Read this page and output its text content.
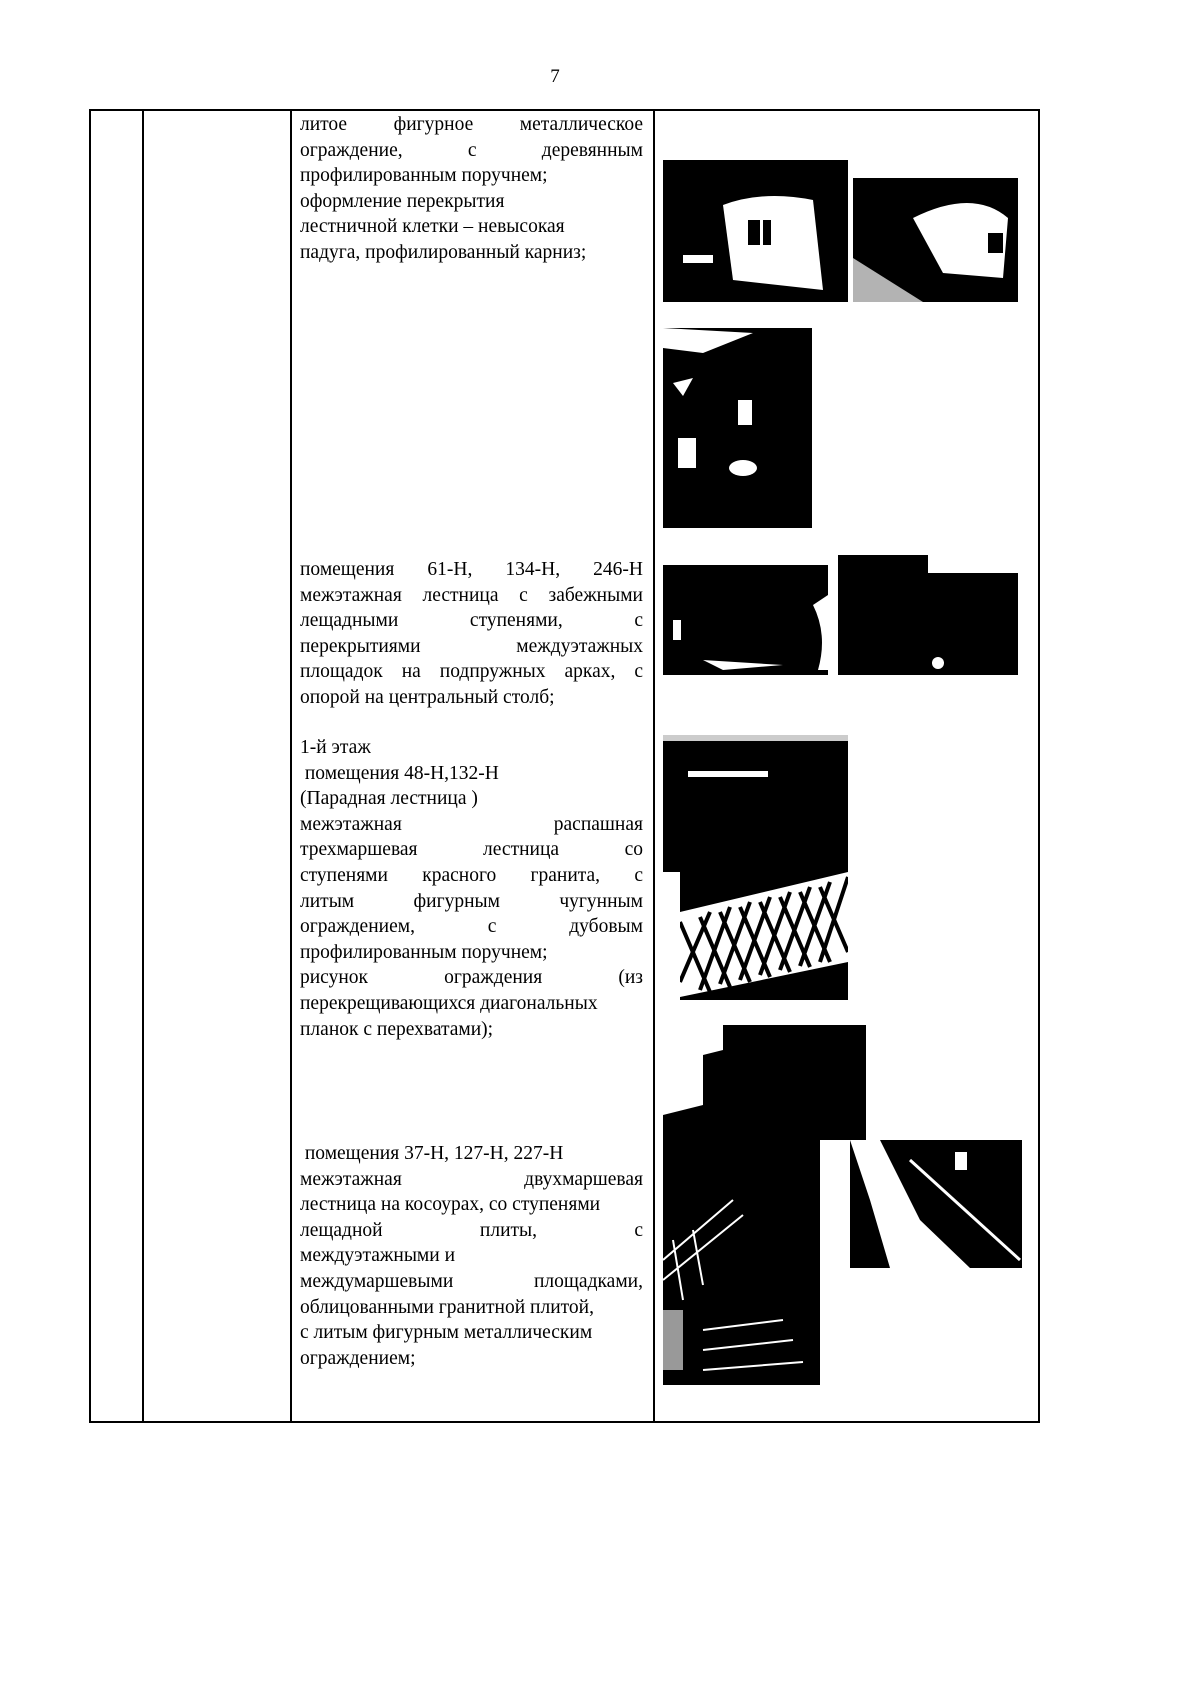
7
литое фигурное металлическое
ограждение, с деревянным
профилированным поручнем;
оформление перекрытия
лестничной клетки – невысокая
падуга, профилированный карниз;
помещения 61-Н, 134-Н, 246-Н
межэтажная лестница с забежными
лещадными ступенями, с
перекрытиями междуэтажных
площадок на подпружных арках, с
опорой на центральный столб;
1-й этаж
помещения 48-Н,132-Н
(Парадная лестница )
межэтажная распашная
трехмаршевая лестница со
ступенями красного гранита, с
литым фигурным чугунным
ограждением, с дубовым
профилированным поручнем;
рисунок ограждения (из
перекрещивающихся диагональных
планок с перехватами);
помещения 37-Н, 127-Н, 227-Н
межэтажная двухмаршевая
лестница на косоурах, со ступенями
лещадной плиты, с
междуэтажными и
междумаршевыми площадками,
облицованными гранитной плитой,
с литым фигурным металлическим
ограждением;
